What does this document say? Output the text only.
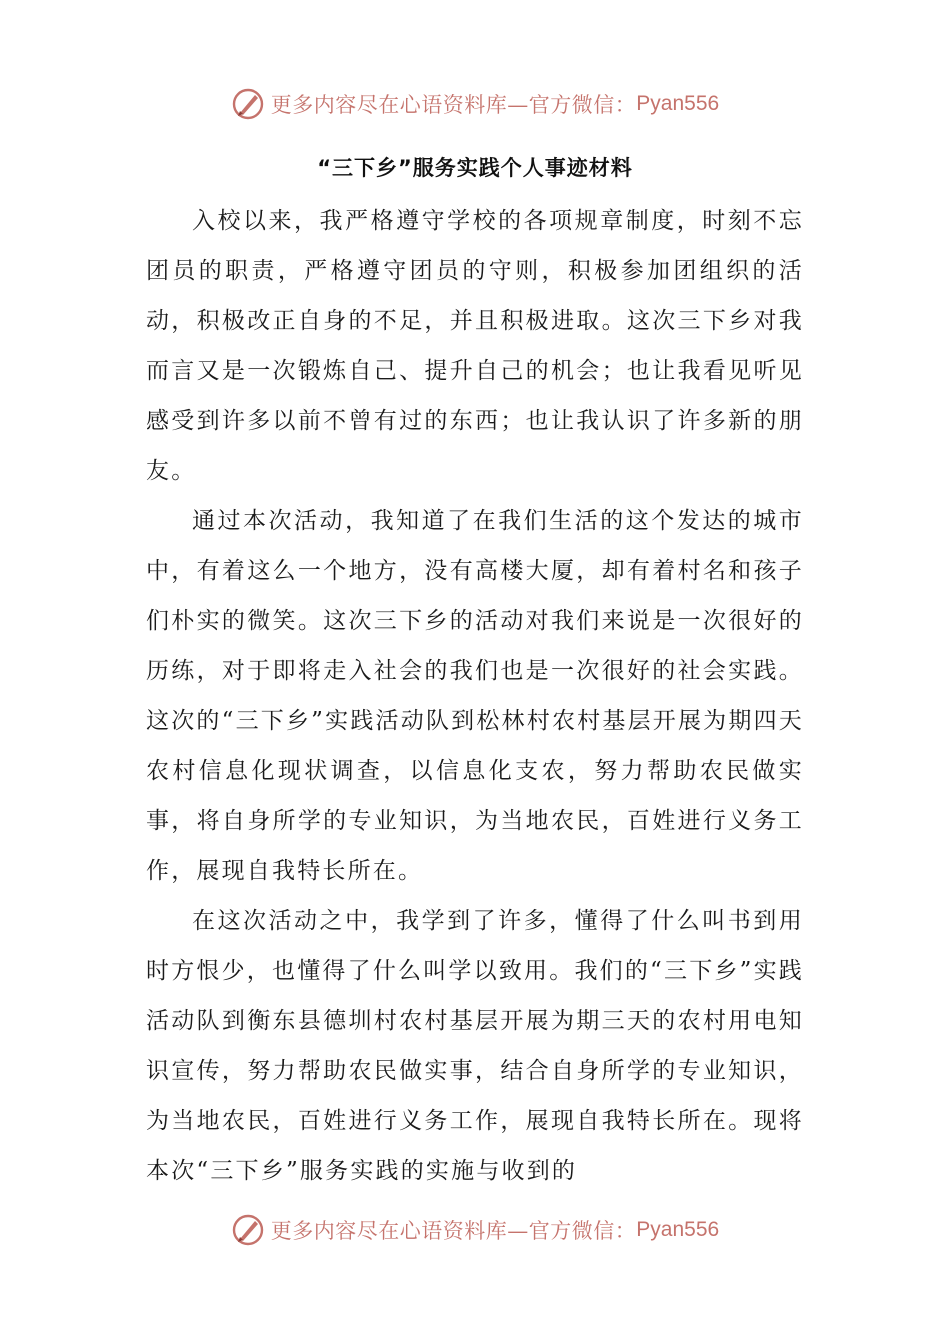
更多内容尽在心语资料库—官方微信： Pyan556
“三下乡”服务实践个人事迹材料

入校以来，我严格遵守学校的各项规章制度，时刻不忘团员的职责，严格遵守团员的守则，积极参加团组织的活动，积极改正自身的不足，并且积极进取。这次三下乡对我而言又是一次锻炼自己、提升自己的机会；也让我看见听见感受到许多以前不曾有过的东西；也让我认识了许多新的朋友。

通过本次活动，我知道了在我们生活的这个发达的城市中，有着这么一个地方，没有高楼大厦，却有着村名和孩子们朴实的微笑。这次三下乡的活动对我们来说是一次很好的历练，对于即将走入社会的我们也是一次很好的社会实践。这次的“三下乡”实践活动队到松林村农村基层开展为期四天农村信息化现状调查，以信息化支农，努力帮助农民做实事，将自身所学的专业知识，为当地农民，百姓进行义务工作，展现自我特长所在。

在这次活动之中，我学到了许多，懂得了什么叫书到用时方恨少，也懂得了什么叫学以致用。我们的“三下乡”实践活动队到衡东县德圳村农村基层开展为期三天的农村用电知识宣传，努力帮助农民做实事，结合自身所学的专业知识，为当地农民，百姓进行义务工作，展现自我特长所在。现将本次“三下乡”服务实践的实施与收到的

更多内容尽在心语资料库—官方微信： Pyan556
